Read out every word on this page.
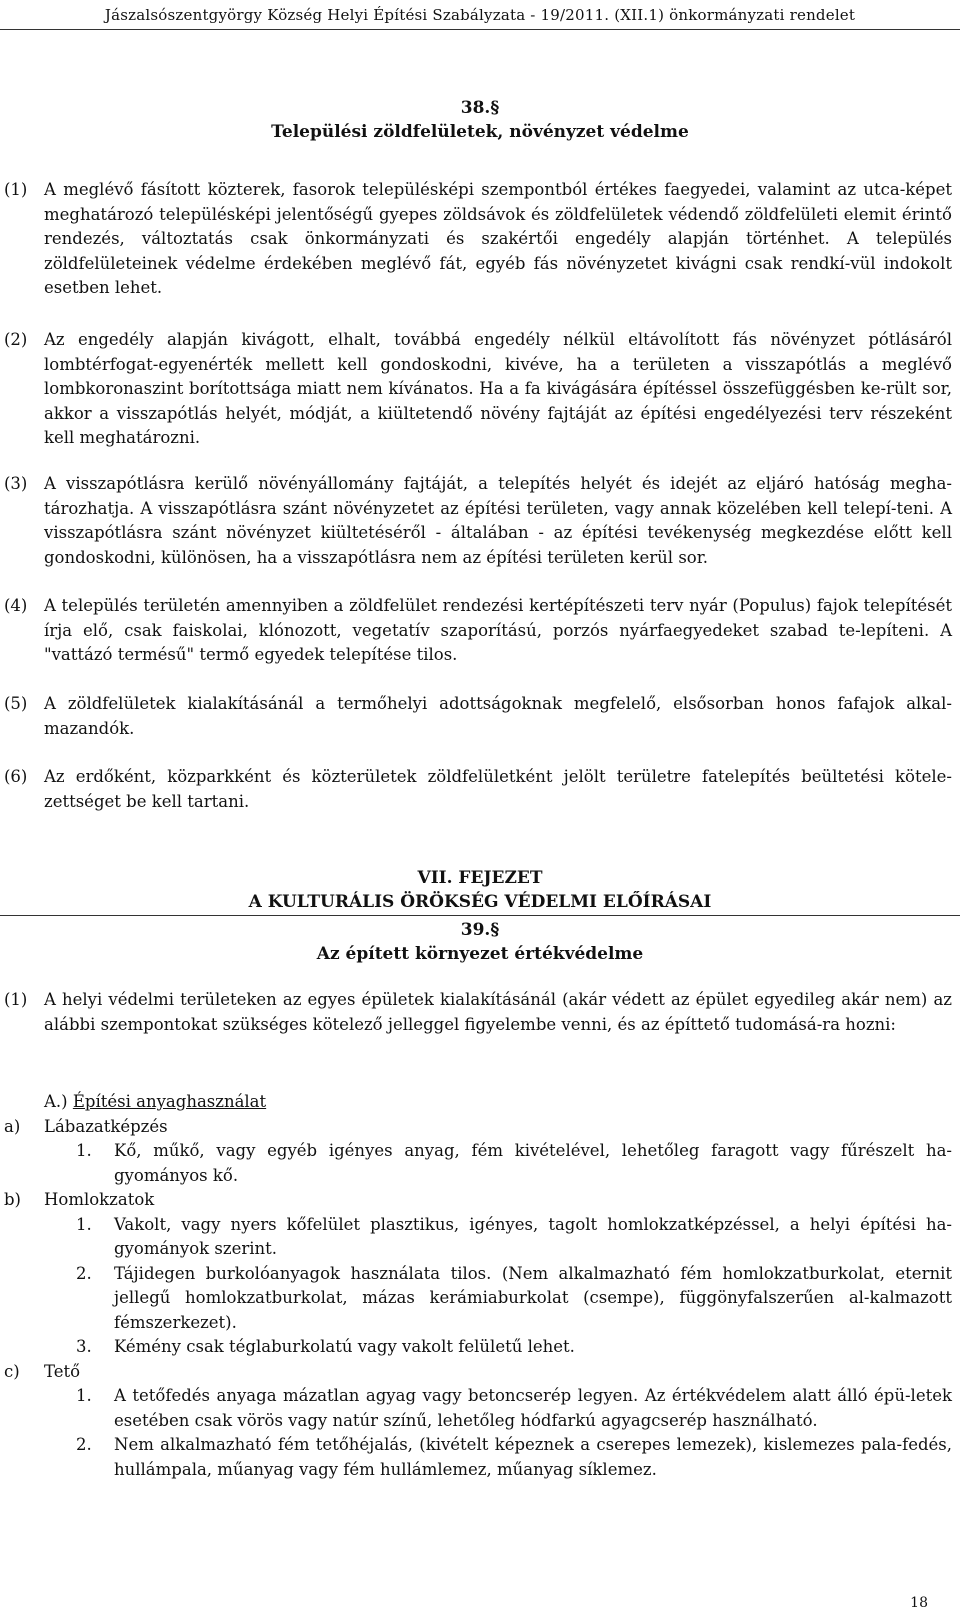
Jászalsószentgyörgy Község Helyi Építési Szabályzata - 19/2011. (XII.1) önkormányzati rendelet

38.§

Települési zöldfelületek, növényzet védelme

(1) A meglévő fásított közterek, fasorok településképi szempontból értékes faegyedei, valamint az utca-képet meghatározó településképi jelentőségű gyepes zöldsávok és zöldfelületek védendő zöldfelületi elemit érintő rendezés, változtatás csak önkormányzati és szakértői engedély alapján történhet. A település zöldfelületeinek védelme érdekében meglévő fát, egyéb fás növényzetet kivágni csak rendkí-vül indokolt esetben lehet.
(2) Az engedély alapján kivágott, elhalt, továbbá engedély nélkül eltávolított fás növényzet pótlásáról lombtérfogat-egyenérték mellett kell gondoskodni, kivéve, ha a területen a visszapótlás a meglévő lombkoronaszint borítottsága miatt nem kívánatos. Ha a fa kivágására építéssel összefüggésben ke-rült sor, akkor a visszapótlás helyét, módját, a kiültetendő növény fajtáját az építési engedélyezési terv részeként kell meghatározni.
(3) A visszapótlásra kerülő növényállomány fajtáját, a telepítés helyét és idejét az eljáró hatóság megha-tározhatja. A visszapótlásra szánt növényzetet az építési területen, vagy annak közelében kell telepí-teni. A visszapótlásra szánt növényzet kiültetéséről - általában - az építési tevékenység megkezdése előtt kell gondoskodni, különösen, ha a visszapótlásra nem az építési területen kerül sor.
(4) A település területén amennyiben a zöldfelület rendezési kertépítészeti terv nyár (Populus) fajok telepítését írja elő, csak faiskolai, klónozott, vegetatív szaporítású, porzós nyárfaegyedeket szabad te-lepíteni. A "vattázó termésű" termő egyedek telepítése tilos.
(5) A zöldfelületek kialakításánál a termőhelyi adottságoknak megfelelő, elsősorban honos fafajok alkal-mazandók.
(6) Az erdőként, közparkként és közterületek zöldfelületként jelölt területre fatelepítés beültetési kötele-zettséget be kell tartani.
VII. FEJEZET
A KULTURÁLIS ÖRÖKSÉG VÉDELMI ELŐÍRÁSAI

39.§

Az épített környezet értékvédelme

(1) A helyi védelmi területeken az egyes épületek kialakításánál (akár védett az épület egyedileg akár nem) az alábbi szempontokat szükséges kötelező jelleggel figyelembe venni, és az építtető tudomásá-ra hozni:
A.) Építési anyaghasználat
a) Lábazatképzés
1. Kő, műkő, vagy egyéb igényes anyag, fém kivételével, lehetőleg faragott vagy fűrészelt ha-gyományos kő.
b) Homlokzatok
1. Vakolt, vagy nyers kőfelület plasztikus, igényes, tagolt homlokzatképzéssel, a helyi építési ha-gyományok szerint.
2. Tájidegen burkolóanyagok használata tilos. (Nem alkalmazható fém homlokzatburkolat, eternit jellegű homlokzatburkolat, mázas kerámiaburkolat (csempe), függönyfalszerűen al-kalmazott fémszerkezet).
3. Kémény csak téglaburkolatú vagy vakolt felületű lehet.
c) Tető
1. A tetőfedés anyaga mázatlan agyag vagy betoncserép legyen. Az értékvédelem alatt álló épü-letek esetében csak vörös vagy natúr színű, lehetőleg hódfarkú agyagcserép használható.
2. Nem alkalmazható fém tetőhéjalás, (kivételt képeznek a cserepes lemezek), kislemezes pala-fedés, hullámpala, műanyag vagy fém hullámlemez, műanyag síklemez.
18
